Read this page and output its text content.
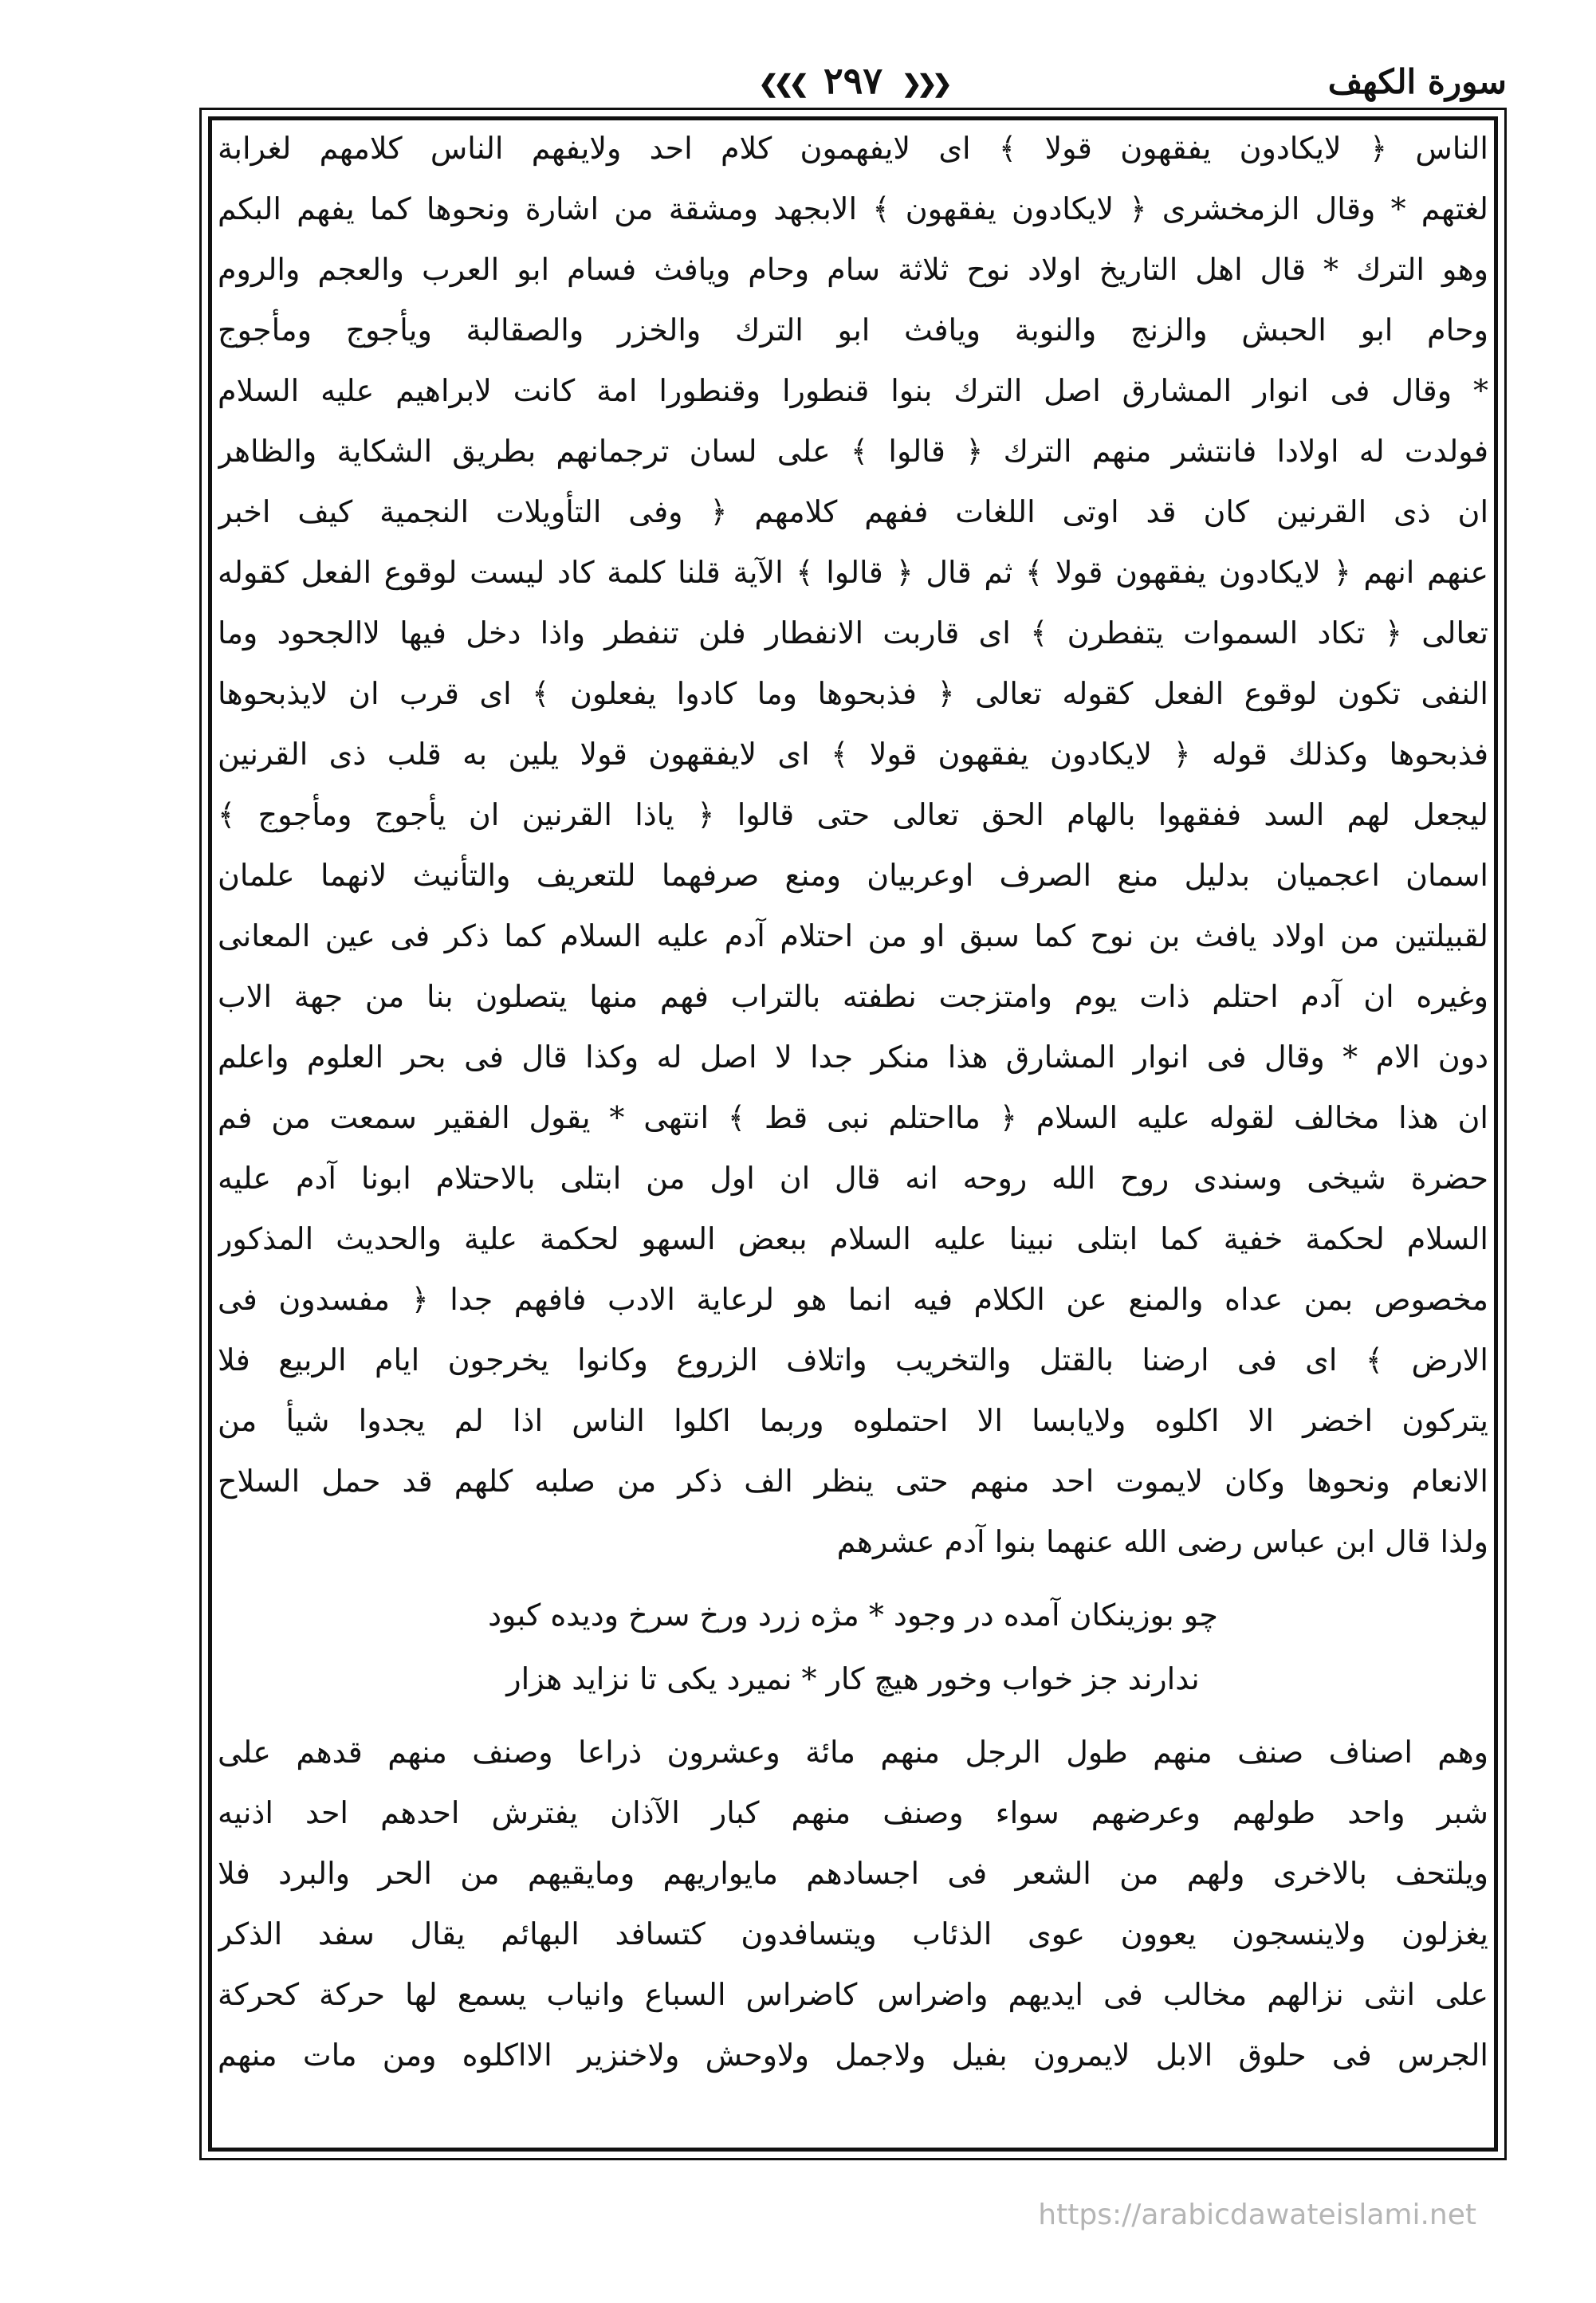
سورة الكهف
❮❮❮ ٢٩٧ ❯❯❯
الناس ﴿ لايكادون يفقهون قولا ﴾ اى لايفهمون كلام احد ولايفهم الناس كلامهم لغرابة
لغتهم * وقال الزمخشرى ﴿ لايكادون يفقهون ﴾ الابجهد ومشقة من اشارة ونحوها كما يفهم البكم
وهو الترك * قال اهل التاريخ اولاد نوح ثلاثة سام وحام ويافث فسام ابو العرب والعجم والروم
وحام ابو الحبش والزنج والنوبة ويافث ابو الترك والخزر والصقالبة ويأجوج ومأجوج
* وقال فى انوار المشارق اصل الترك بنوا قنطورا وقنطورا امة كانت لابراهيم عليه السلام
فولدت له اولادا فانتشر منهم الترك ﴿ قالوا ﴾ على لسان ترجمانهم بطريق الشكاية والظاهر
ان ذى القرنين كان قد اوتى اللغات ففهم كلامهم ﴿ وفى التأويلات النجمية كيف اخبر
عنهم انهم ﴿ لايكادون يفقهون قولا ﴾ ثم قال ﴿ قالوا ﴾ الآية قلنا كلمة كاد ليست لوقوع الفعل كقوله
تعالى ﴿ تكاد السموات يتفطرن ﴾ اى قاربت الانفطار فلن تنفطر واذا دخل فيها لاالجحود وما
النفى تكون لوقوع الفعل كقوله تعالى ﴿ فذبحوها وما كادوا يفعلون ﴾ اى قرب ان لايذبحوها
فذبحوها وكذلك قوله ﴿ لايكادون يفقهون قولا ﴾ اى لايفقهون قولا يلين به قلب ذى القرنين
ليجعل لهم السد ففقهوا بالهام الحق تعالى حتى قالوا ﴿ ياذا القرنين ان يأجوج ومأجوج ﴾
اسمان اعجميان بدليل منع الصرف اوعربيان ومنع صرفهما للتعريف والتأنيث لانهما علمان
لقبيلتين من اولاد يافث بن نوح كما سبق او من احتلام آدم عليه السلام كما ذكر فى عين المعانى
وغيره ان آدم احتلم ذات يوم وامتزجت نطفته بالتراب فهم منها يتصلون بنا من جهة الاب
دون الام * وقال فى انوار المشارق هذا منكر جدا لا اصل له وكذا قال فى بحر العلوم واعلم
ان هذا مخالف لقوله عليه السلام ﴿ مااحتلم نبى قط ﴾ انتهى * يقول الفقير سمعت من فم
حضرة شيخى وسندى روح الله روحه انه قال ان اول من ابتلى بالاحتلام ابونا آدم عليه
السلام لحكمة خفية كما ابتلى نبينا عليه السلام ببعض السهو لحكمة علية والحديث المذكور
مخصوص بمن عداه والمنع عن الكلام فيه انما هو لرعاية الادب فافهم جدا ﴿ مفسدون فى
الارض ﴾ اى فى ارضنا بالقتل والتخريب واتلاف الزروع وكانوا يخرجون ايام الربيع فلا
يتركون اخضر الا اكلوه ولايابسا الا احتملوه وربما اكلوا الناس اذا لم يجدوا شيأ من
الانعام ونحوها وكان لايموت احد منهم حتى ينظر الف ذكر من صلبه كلهم قد حمل السلاح
ولذا قال ابن عباس رضى الله عنهما بنوا آدم عشرهم
چو بوزينكان آمده در وجود * مژه زرد ورخ سرخ وديده كبود
ندارند جز خواب وخور هيچ كار * نميرد يكى تا نزايد هزار
وهم اصناف صنف منهم طول الرجل منهم مائة وعشرون ذراعا وصنف منهم قدهم على
شبر واحد طولهم وعرضهم سواء وصنف منهم كبار الآذان يفترش احدهم احد اذنيه
ويلتحف بالاخرى ولهم من الشعر فى اجسادهم مايواريهم ومايقيهم من الحر والبرد فلا
يغزلون ولاينسجون يعوون عوى الذئاب ويتسافدون كتسافد البهائم يقال سفد الذكر
على انثى نزالهم مخالب فى ايديهم واضراس كاضراس السباع وانياب يسمع لها حركة كحركة
الجرس فى حلوق الابل لايمرون بفيل ولاجمل ولاوحش ولاخنزير الااكلوه ومن مات منهم
https://arabicdawateislami.net
